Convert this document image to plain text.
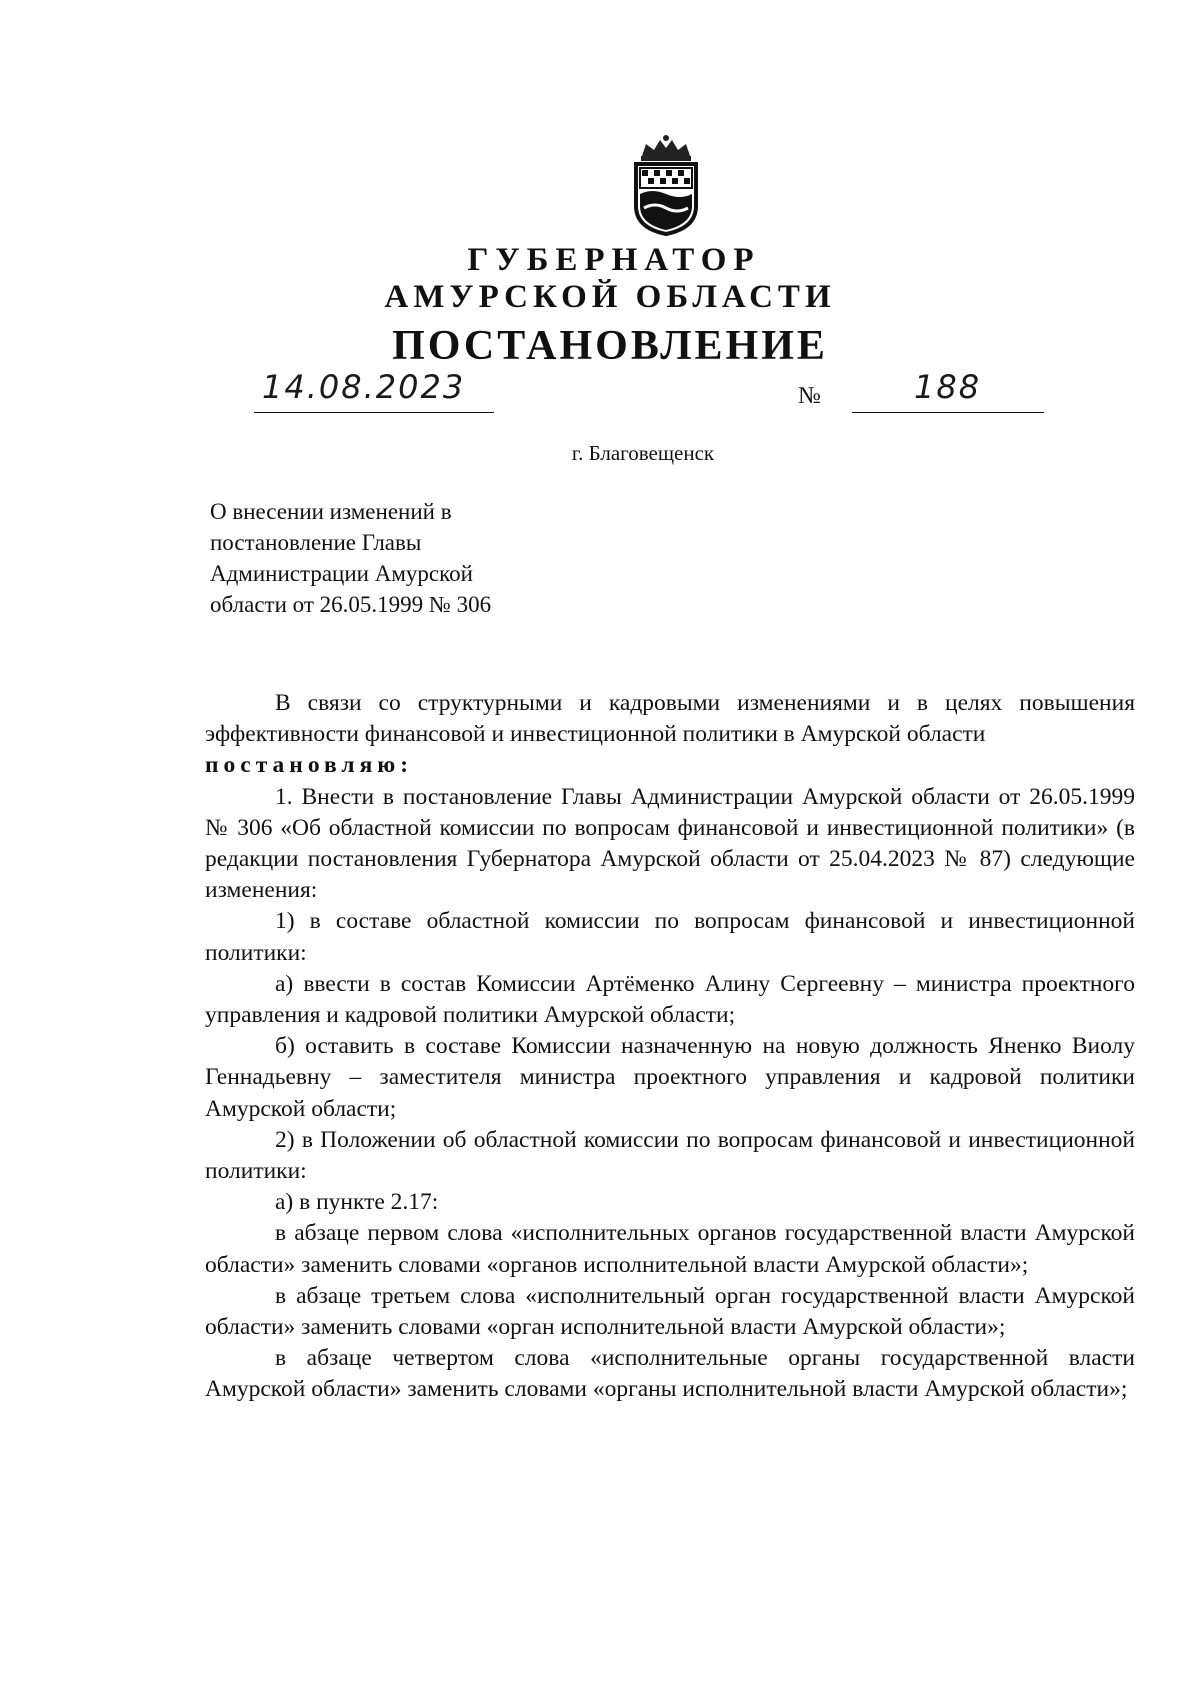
ГУБЕРНАТОР
АМУРСКОЙ ОБЛАСТИ
ПОСТАНОВЛЕНИЕ
14.08.2023	№	188
г. Благовещенск
О внесении изменений в
постановление Главы
Администрации Амурской
области от 26.05.1999 № 306

В связи со структурными и кадровыми изменениями и в целях повышения эффективности финансовой и инвестиционной политики в Амурской области

постановляю:

1. Внести в постановление Главы Администрации Амурской области от 26.05.1999 № 306 «Об областной комиссии по вопросам финансовой и инвестиционной политики» (в редакции постановления Губернатора Амурской области от 25.04.2023 № 87) следующие изменения:

1) в составе областной комиссии по вопросам финансовой и инвестиционной политики:

а) ввести в состав Комиссии Артёменко Алину Сергеевну – министра проектного управления и кадровой политики Амурской области;

б) оставить в составе Комиссии назначенную на новую должность Яненко Виолу Геннадьевну – заместителя министра проектного управления и кадровой политики Амурской области;

2) в Положении об областной комиссии по вопросам финансовой и инвестиционной политики:

а) в пункте 2.17:

в абзаце первом слова «исполнительных органов государственной власти Амурской области» заменить словами «органов исполнительной власти Амурской области»;

в абзаце третьем слова «исполнительный орган государственной власти Амурской области» заменить словами «орган исполнительной власти Амурской области»;

в абзаце четвертом слова «исполнительные органы государственной власти Амурской области» заменить словами «органы исполнительной власти Амурской области»;
